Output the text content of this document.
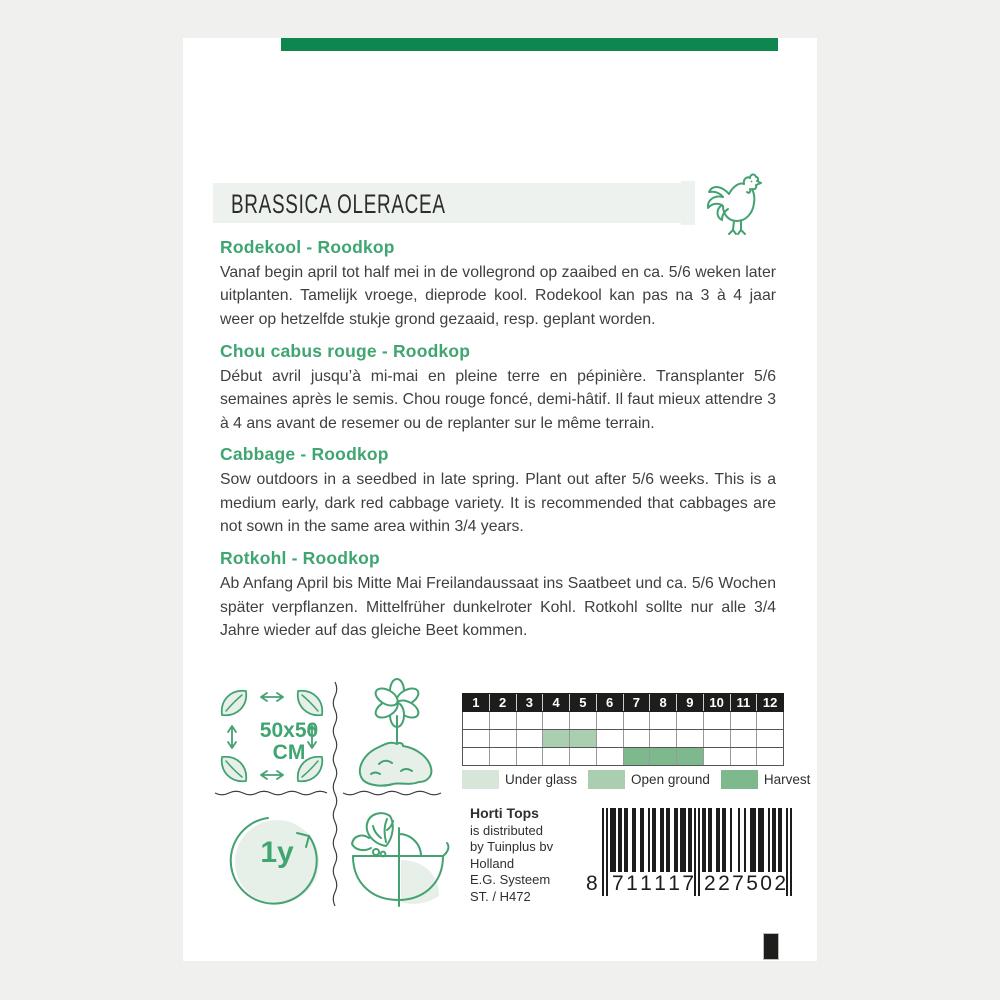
BRASSICA OLERACEA
Rodekool - Roodkop

Vanaf begin april tot half mei in de vollegrond op zaaibed en ca. 5/6 weken later uitplanten. Tamelijk vroege, dieprode kool. Rodekool kan pas na 3 à 4 jaar weer op hetzelfde stukje grond gezaaid, resp. geplant worden.

Chou cabus rouge - Roodkop

Début avril jusqu’à mi-mai en pleine terre en pépinière. Transplanter 5/6 semaines après le semis. Chou rouge foncé, demi-hâtif. Il faut mieux attendre 3 à 4 ans avant de resemer ou de replanter sur le même terrain.

Cabbage - Roodkop

Sow outdoors in a seedbed in late spring. Plant out after 5/6 weeks. This is a medium early, dark red cabbage variety. It is recommended that cabbages are not sown in the same area within 3/4 years.

Rotkohl - Roodkop

Ab Anfang April bis Mitte Mai Freilandaussaat ins Saatbeet und ca. 5/6 Wochen später verpflanzen. Mittelfrüher dunkelroter Kohl. Rotkohl sollte nur alle 3/4 Jahre wieder auf das gleiche Beet kommen.

50x50
CM
1y
1	2	3	4	5	6	7	8	9	10 11 12
Under glass	Open ground	Harvest
Horti Tops
is distributed
by Tuinplus bv
Holland
E.G. Systeem
ST. / H472
8 7 1 1 1 1 7 2 2 7 5 0 2
